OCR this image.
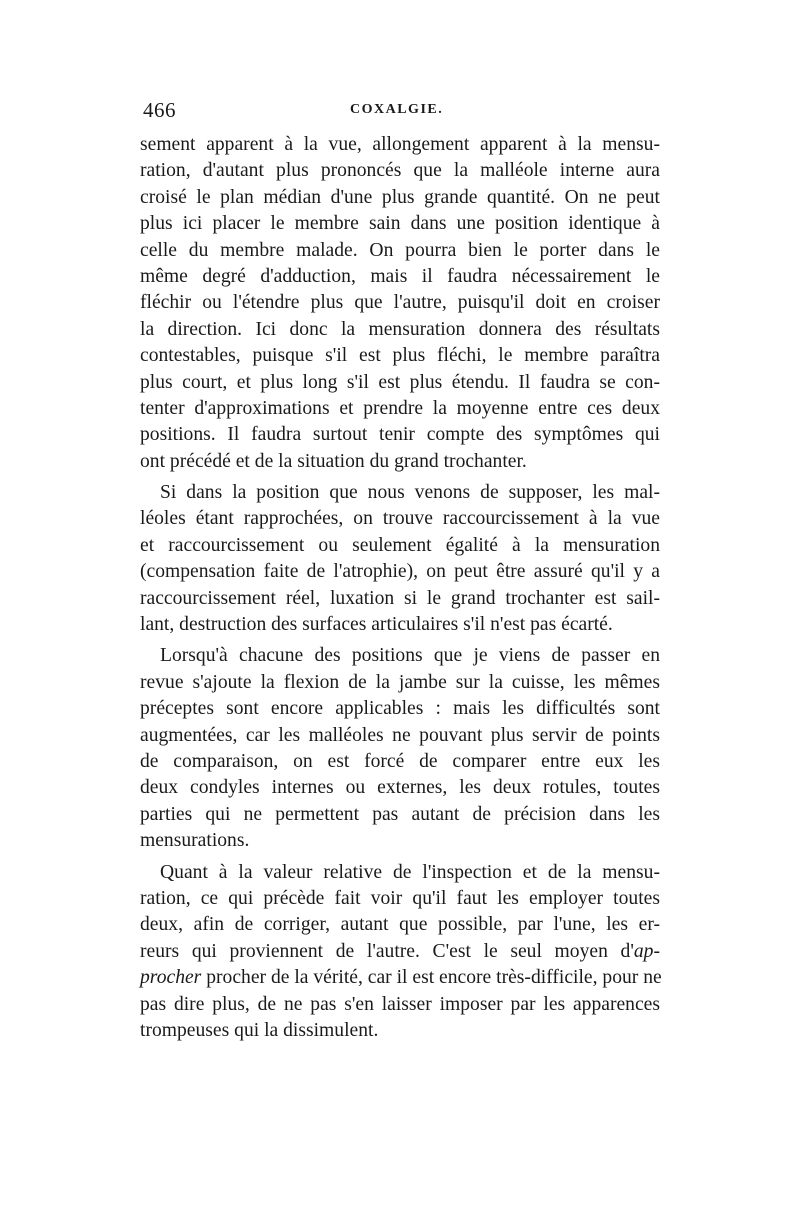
466	COXALGIE.
sement apparent à la vue, allongement apparent à la mensu-
ration, d'autant plus prononcés que la malléole interne aura
croisé le plan médian d'une plus grande quantité. On ne peut
plus ici placer le membre sain dans une position identique à
celle du membre malade. On pourra bien le porter dans le
même degré d'adduction, mais il faudra nécessairement le
fléchir ou l'étendre plus que l'autre, puisqu'il doit en croiser
la direction. Ici donc la mensuration donnera des résultats
contestables, puisque s'il est plus fléchi, le membre paraîtra
plus court, et plus long s'il est plus étendu. Il faudra se con-
tenter d'approximations et prendre la moyenne entre ces deux
positions. Il faudra surtout tenir compte des symptômes qui
ont précédé et de la situation du grand trochanter.
Si dans la position que nous venons de supposer, les mal-
léoles étant rapprochées, on trouve raccourcissement à la vue
et raccourcissement ou seulement égalité à la mensuration
(compensation faite de l'atrophie), on peut être assuré qu'il y a
raccourcissement réel, luxation si le grand trochanter est sail-
lant, destruction des surfaces articulaires s'il n'est pas écarté.
Lorsqu'à chacune des positions que je viens de passer en
revue s'ajoute la flexion de la jambe sur la cuisse, les mêmes
préceptes sont encore applicables : mais les difficultés sont
augmentées, car les malléoles ne pouvant plus servir de points
de comparaison, on est forcé de comparer entre eux les
deux condyles internes ou externes, les deux rotules, toutes
parties qui ne permettent pas autant de précision dans les
mensurations.
Quant à la valeur relative de l'inspection et de la mensu-
ration, ce qui précède fait voir qu'il faut les employer toutes
deux, afin de corriger, autant que possible, par l'une, les er-
reurs qui proviennent de l'autre. C'est le seul moyen d'ap-
procher procher de la vérité, car il est encore très-difficile, pour ne
pas dire plus, de ne pas s'en laisser imposer par les apparences
trompeuses qui la dissimulent.
